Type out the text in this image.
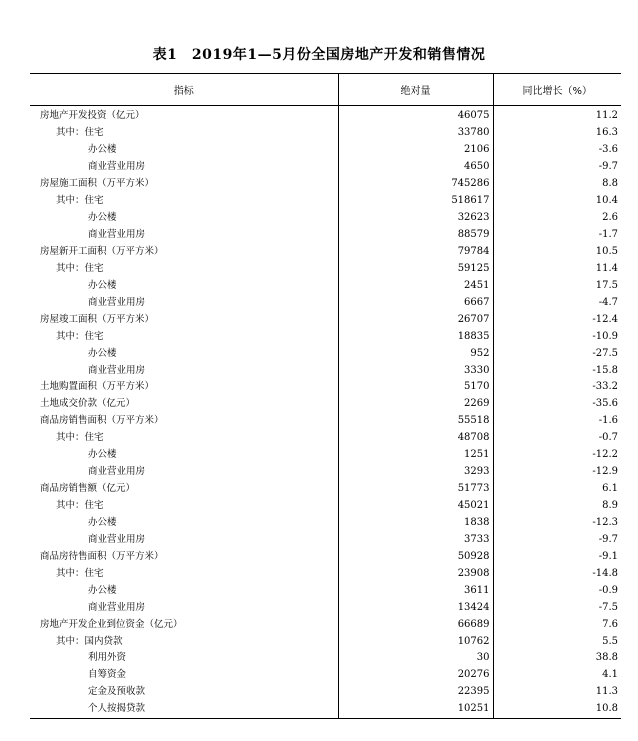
表1　2019年1—5月份全国房地产开发和销售情况
指标	绝对量	同比增长（%）
房地产开发投资（亿元）	46075	11.2
其中：住宅	33780	16.3
办公楼	2106	-3.6
商业营业用房	4650	-9.7
房屋施工面积（万平方米）	745286	8.8
其中：住宅	518617	10.4
办公楼	32623	2.6
商业营业用房	88579	-1.7
房屋新开工面积（万平方米）	79784	10.5
其中：住宅	59125	11.4
办公楼	2451	17.5
商业营业用房	6667	-4.7
房屋竣工面积（万平方米）	26707	-12.4
其中：住宅	18835	-10.9
办公楼	952	-27.5
商业营业用房	3330	-15.8
土地购置面积（万平方米）	5170	-33.2
土地成交价款（亿元）	2269	-35.6
商品房销售面积（万平方米）	55518	-1.6
其中：住宅	48708	-0.7
办公楼	1251	-12.2
商业营业用房	3293	-12.9
商品房销售额（亿元）	51773	6.1
其中：住宅	45021	8.9
办公楼	1838	-12.3
商业营业用房	3733	-9.7
商品房待售面积（万平方米）	50928	-9.1
其中：住宅	23908	-14.8
办公楼	3611	-0.9
商业营业用房	13424	-7.5
房地产开发企业到位资金（亿元）	66689	7.6
其中：国内贷款	10762	5.5
利用外资	30	38.8
自筹资金	20276	4.1
定金及预收款	22395	11.3
个人按揭贷款	10251	10.8
